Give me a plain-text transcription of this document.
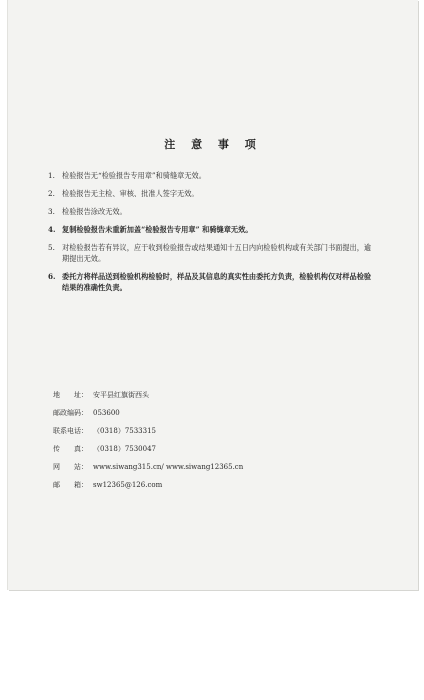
注 意 事 项
1. 检验报告无“检验报告专用章”和骑缝章无效。
2. 检验报告无主检、审核、批准人签字无效。
3. 检验报告涂改无效。
4. 复制检验报告未重新加盖“检验报告专用章” 和骑缝章无效。
5. 对检验报告若有异议，应于收到检验报告或结果通知十五日内向检验机构或有关部门书面提出，逾期提出无效。
6. 委托方将样品送到检验机构检验时，样品及其信息的真实性由委托方负责，检验机构仅对样品检验结果的准确性负责。
地　　址： 安平县红旗街西头
邮政编码： 053600
联系电话： （0318）7533315
传　　真： （0318）7530047
网　　站： www.siwang315.cn/ www.siwang12365.cn
邮　　箱： sw12365@126.com
